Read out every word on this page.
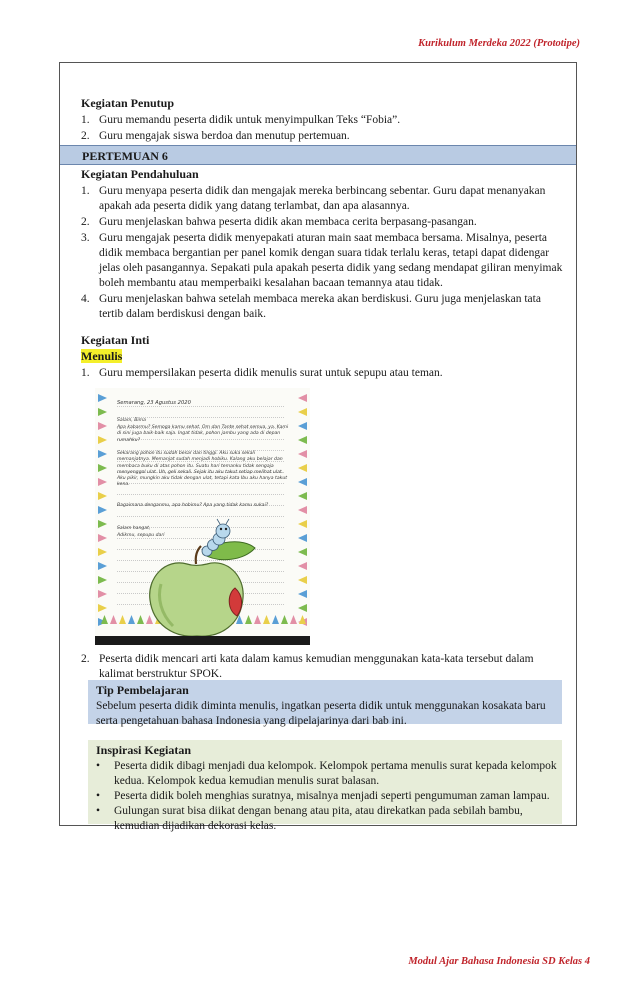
Kurikulum Merdeka 2022 (Prototipe)
Kegiatan Penutup
1. Guru memandu peserta didik untuk menyimpulkan Teks “Fobia”.
2. Guru mengajak siswa berdoa dan menutup pertemuan.
PERTEMUAN 6
Kegiatan Pendahuluan
1. Guru menyapa peserta didik dan mengajak mereka berbincang sebentar. Guru dapat menanyakan apakah ada peserta didik yang datang terlambat, dan apa alasannya.
2. Guru menjelaskan bahwa peserta didik akan membaca cerita berpasang-pasangan.
3. Guru mengajak peserta didik menyepakati aturan main saat membaca bersama. Misalnya, peserta didik membaca bergantian per panel komik dengan suara tidak terlalu keras, tetapi dapat didengar jelas oleh pasangannya. Sepakati pula apakah peserta didik yang sedang mendapat giliran menyimak boleh membantu atau memperbaiki kesalahan bacaan temannya atau tidak.
4. Guru menjelaskan bahwa setelah membaca mereka akan berdiskusi. Guru juga menjelaskan tata tertib dalam berdiskusi dengan baik.
Kegiatan Inti
Menulis
1. Guru mempersilakan peserta didik menulis surat untuk sepupu atau teman.
Semarang, 23 Agustus 2020
Salam, Bima
Apa kabarmu? Semoga kamu sehat. Om dan Tante sehat semua, ya. Kami di sini juga baik-baik saja. Ingat tidak, pohon jambu yang ada di depan rumahku?
Sekarang pohon itu sudah besar dan tinggi. Aku suka sekali memanjatnya. Memanjat sudah menjadi hobiku. Kalang aku belajar dan membaca buku di atas pohon itu. Suatu hari temanku tidak sengaja menyenggol ulat. Uh, geli sekali. Sejak itu aku takut setiap melihat ulat. Aku pikir, mungkin aku tidak dengan ulat, tetapi kata Ibu aku hanya takut kena.
Bagaimana denganmu, apa hobimu? Apa yang tidak kamu sukai?
Salam hangat,
Adikmu, sepupu dari
2. Peserta didik mencari arti kata dalam kamus kemudian menggunakan kata-kata tersebut dalam kalimat berstruktur SPOK.
Tip Pembelajaran
Sebelum peserta didik diminta menulis, ingatkan peserta didik untuk menggunakan kosakata baru serta pengetahuan bahasa Indonesia yang dipelajarinya dari bab ini.
Inspirasi Kegiatan
• Peserta didik dibagi menjadi dua kelompok. Kelompok pertama menulis surat kepada kelompok kedua. Kelompok kedua kemudian menulis surat balasan.
• Peserta didik boleh menghias suratnya, misalnya menjadi seperti pengumuman zaman lampau.
• Gulungan surat bisa diikat dengan benang atau pita, atau direkatkan pada sebilah bambu, kemudian dijadikan dekorasi kelas.
Modul Ajar Bahasa Indonesia SD Kelas 4
